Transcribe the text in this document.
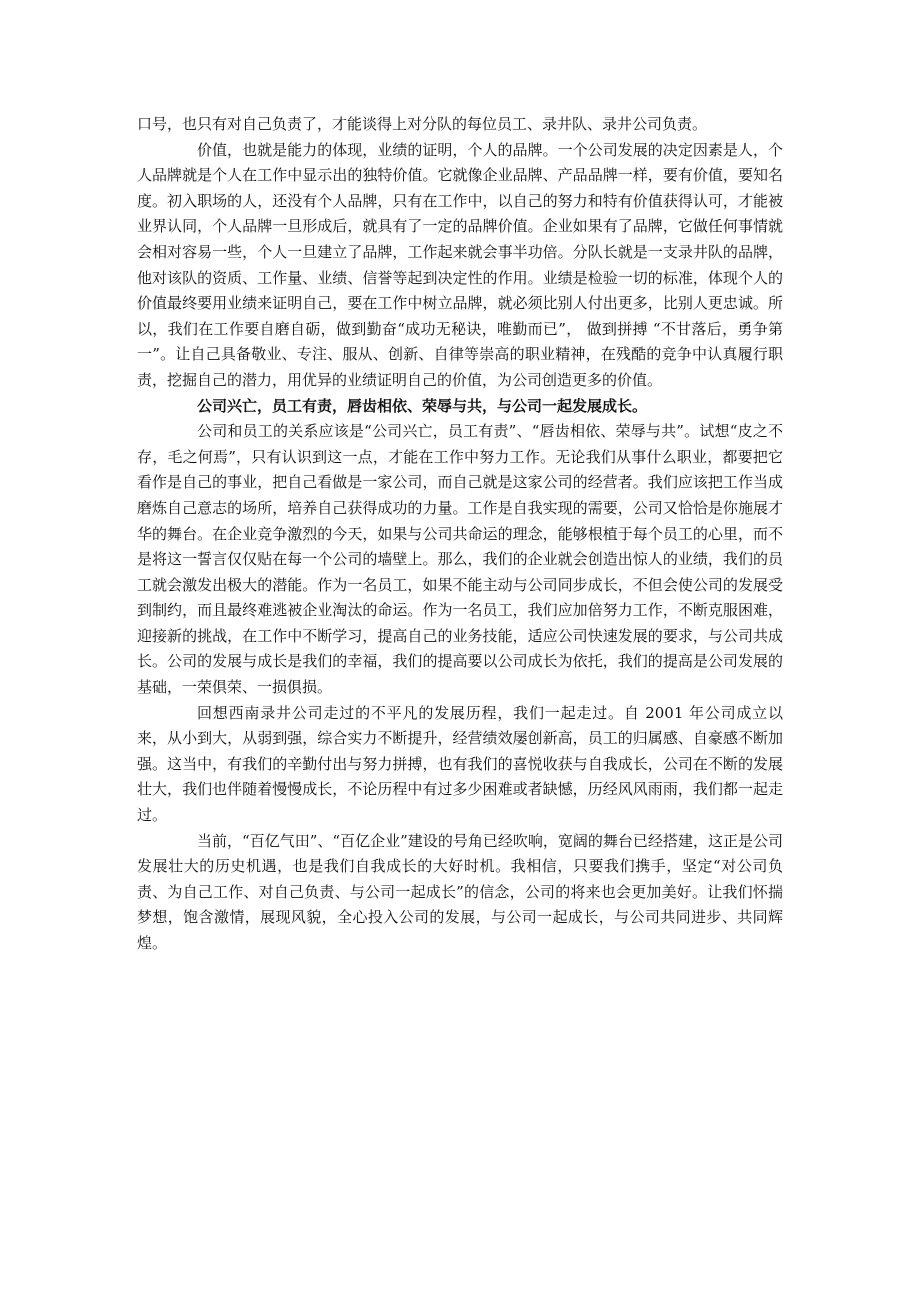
口号，也只有对自己负责了，才能谈得上对分队的每位员工、录井队、录井公司负责。

价值，也就是能力的体现，业绩的证明，个人的品牌。一个公司发展的决定因素是人，个人品牌就是个人在工作中显示出的独特价值。它就像企业品牌、产品品牌一样，要有价值，要知名度。初入职场的人，还没有个人品牌，只有在工作中，以自己的努力和特有价值获得认可，才能被业界认同，个人品牌一旦形成后，就具有了一定的品牌价值。企业如果有了品牌，它做任何事情就会相对容易一些，个人一旦建立了品牌，工作起来就会事半功倍。分队长就是一支录井队的品牌，他对该队的资质、工作量、业绩、信誉等起到决定性的作用。业绩是检验一切的标准，体现个人的价值最终要用业绩来证明自己，要在工作中树立品牌，就必须比别人付出更多，比别人更忠诚。所以，我们在工作要自磨自砺，做到勤奋“成功无秘诀，唯勤而已”， 做到拼搏 “不甘落后，勇争第一”。让自己具备敬业、专注、服从、创新、自律等崇高的职业精神，在残酷的竞争中认真履行职责，挖掘自己的潜力，用优异的业绩证明自己的价值，为公司创造更多的价值。

公司兴亡，员工有责，唇齿相依、荣辱与共，与公司一起发展成长。

公司和员工的关系应该是“公司兴亡，员工有责”、“唇齿相依、荣辱与共”。试想“皮之不存，毛之何焉”，只有认识到这一点，才能在工作中努力工作。无论我们从事什么职业，都要把它看作是自己的事业，把自己看做是一家公司，而自己就是这家公司的经营者。我们应该把工作当成磨炼自己意志的场所，培养自己获得成功的力量。工作是自我实现的需要，公司又恰恰是你施展才华的舞台。在企业竞争激烈的今天，如果与公司共命运的理念，能够根植于每个员工的心里，而不是将这一誓言仅仅贴在每一个公司的墙壁上。那么，我们的企业就会创造出惊人的业绩，我们的员工就会激发出极大的潜能。作为一名员工，如果不能主动与公司同步成长，不但会使公司的发展受到制约，而且最终难逃被企业淘汰的命运。作为一名员工，我们应加倍努力工作，不断克服困难，迎接新的挑战，在工作中不断学习，提高自己的业务技能，适应公司快速发展的要求，与公司共成长。公司的发展与成长是我们的幸福，我们的提高要以公司成长为依托，我们的提高是公司发展的基础，一荣俱荣、一损俱损。

回想西南录井公司走过的不平凡的发展历程，我们一起走过。自 2001 年公司成立以来，从小到大，从弱到强，综合实力不断提升，经营绩效屡创新高，员工的归属感、自豪感不断加强。这当中，有我们的辛勤付出与努力拼搏，也有我们的喜悦收获与自我成长，公司在不断的发展壮大，我们也伴随着慢慢成长，不论历程中有过多少困难或者缺憾，历经风风雨雨，我们都一起走过。

当前，“百亿气田”、“百亿企业”建设的号角已经吹响，宽阔的舞台已经搭建，这正是公司发展壮大的历史机遇，也是我们自我成长的大好时机。我相信，只要我们携手，坚定“对公司负责、为自己工作、对自己负责、与公司一起成长”的信念，公司的将来也会更加美好。让我们怀揣梦想，饱含激情，展现风貌，全心投入公司的发展，与公司一起成长，与公司共同进步、共同辉煌。
